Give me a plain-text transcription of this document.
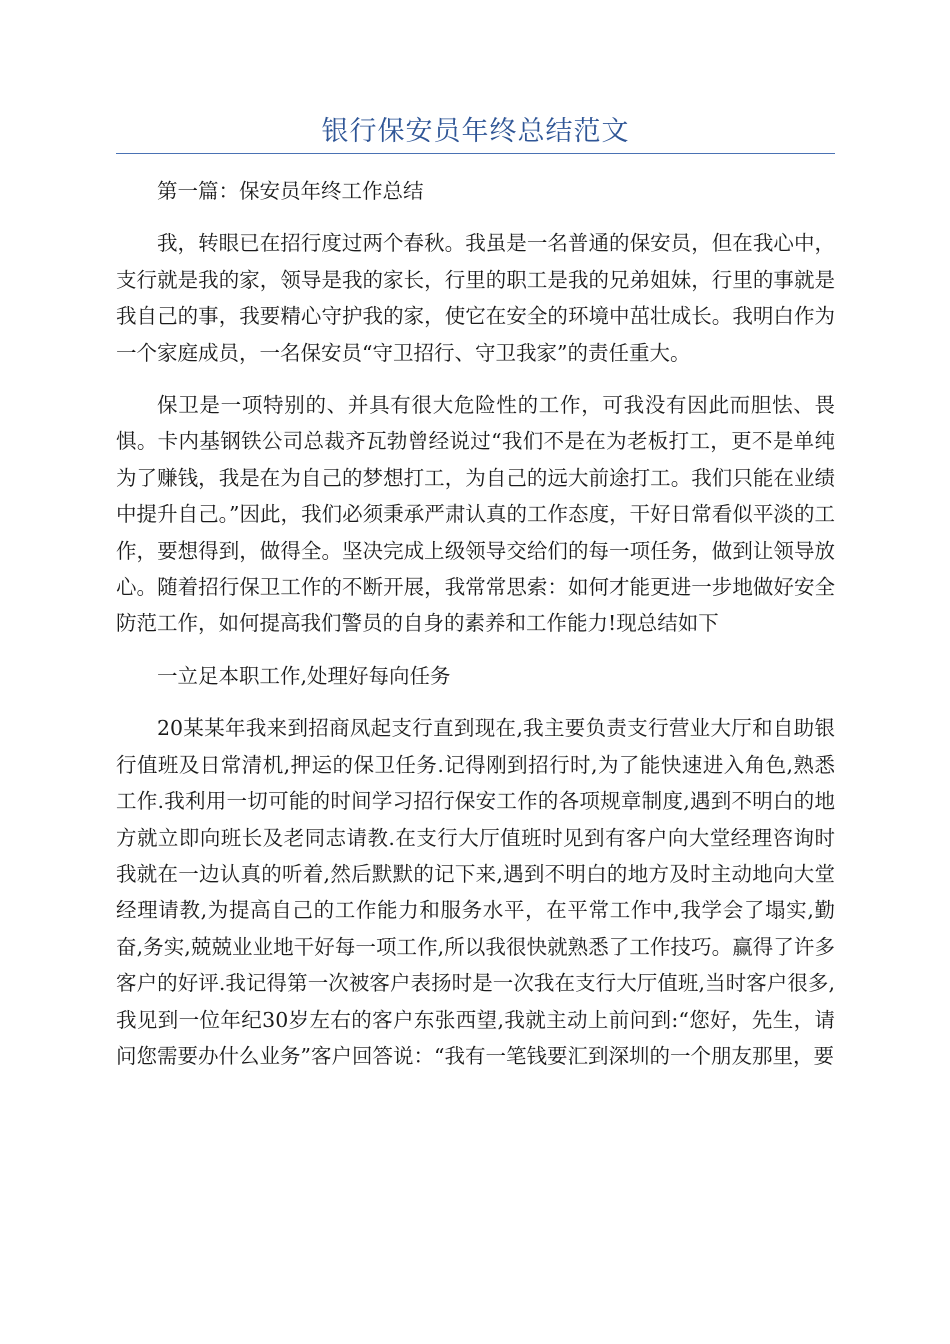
银行保安员年终总结范文

第一篇：保安员年终工作总结

我，转眼已在招行度过两个春秋。我虽是一名普通的保安员，但在我心中，支行就是我的家，领导是我的家长，行里的职工是我的兄弟姐妹，行里的事就是我自己的事，我要精心守护我的家，使它在安全的环境中茁壮成长。我明白作为一个家庭成员，一名保安员“守卫招行、守卫我家”的责任重大。

保卫是一项特别的、并具有很大危险性的工作，可我没有因此而胆怯、畏惧。卡内基钢铁公司总裁齐瓦勃曾经说过“我们不是在为老板打工，更不是单纯为了赚钱，我是在为自己的梦想打工，为自己的远大前途打工。我们只能在业绩中提升自己。”因此，我们必须秉承严肃认真的工作态度，干好日常看似平淡的工作，要想得到，做得全。坚决完成上级领导交给们的每一项任务，做到让领导放心。随着招行保卫工作的不断开展，我常常思索：如何才能更进一步地做好安全防范工作，如何提高我们警员的自身的素养和工作能力!现总结如下

一立足本职工作,处理好每向任务

20某某年我来到招商凤起支行直到现在,我主要负责支行营业大厅和自助银行值班及日常清机,押运的保卫任务.记得刚到招行时,为了能快速进入角色,熟悉工作.我利用一切可能的时间学习招行保安工作的各项规章制度,遇到不明白的地方就立即向班长及老同志请教.在支行大厅值班时见到有客户向大堂经理咨询时我就在一边认真的听着,然后默默的记下来,遇到不明白的地方及时主动地向大堂经理请教,为提高自己的工作能力和服务水平，在平常工作中,我学会了塌实,勤奋,务实,兢兢业业地干好每一项工作,所以我很快就熟悉了工作技巧。赢得了许多客户的好评.我记得第一次被客户表扬时是一次我在支行大厅值班,当时客户很多,我见到一位年纪30岁左右的客户东张西望,我就主动上前问到:“您好，先生，请问您需要办什么业务”客户回答说：“我有一笔钱要汇到深圳的一个朋友那里，要
